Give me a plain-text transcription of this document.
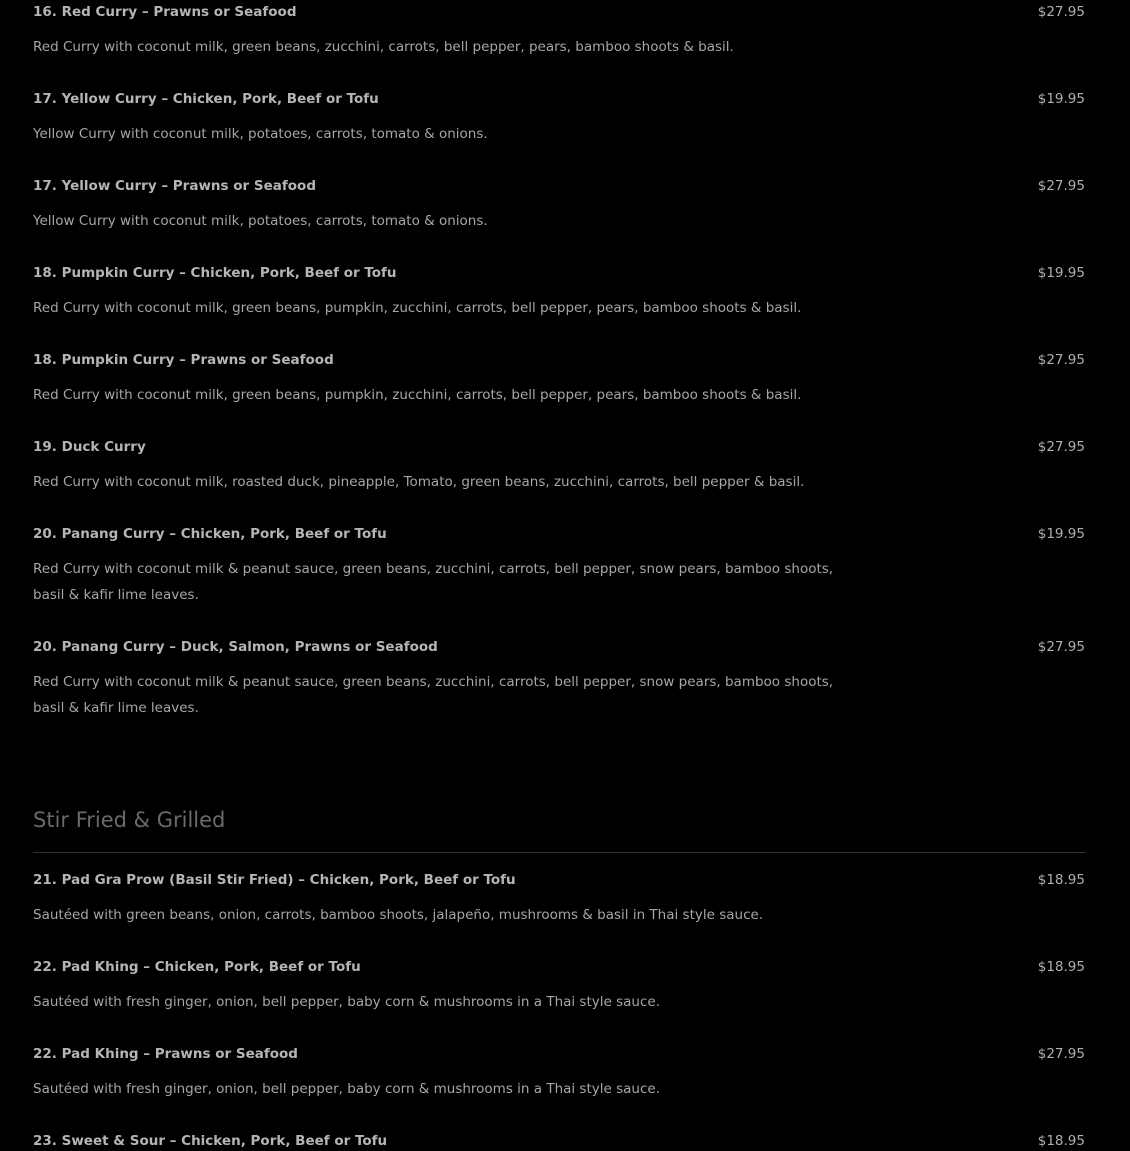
16. Red Curry – Prawns or Seafood	$27.95
Red Curry with coconut milk, green beans, zucchini, carrots, bell pepper, pears, bamboo shoots & basil.
17. Yellow Curry – Chicken, Pork, Beef or Tofu	$19.95
Yellow Curry with coconut milk, potatoes, carrots, tomato & onions.
17. Yellow Curry – Prawns or Seafood	$27.95
Yellow Curry with coconut milk, potatoes, carrots, tomato & onions.
18. Pumpkin Curry – Chicken, Pork, Beef or Tofu	$19.95
Red Curry with coconut milk, green beans, pumpkin, zucchini, carrots, bell pepper, pears, bamboo shoots & basil.
18. Pumpkin Curry – Prawns or Seafood	$27.95
Red Curry with coconut milk, green beans, pumpkin, zucchini, carrots, bell pepper, pears, bamboo shoots & basil.
19. Duck Curry	$27.95
Red Curry with coconut milk, roasted duck, pineapple, Tomato, green beans, zucchini, carrots, bell pepper & basil.
20. Panang Curry – Chicken, Pork, Beef or Tofu	$19.95
Red Curry with coconut milk & peanut sauce, green beans, zucchini, carrots, bell pepper, snow pears, bamboo shoots, basil & kafir lime leaves.
20. Panang Curry – Duck, Salmon, Prawns or Seafood	$27.95
Red Curry with coconut milk & peanut sauce, green beans, zucchini, carrots, bell pepper, snow pears, bamboo shoots, basil & kafir lime leaves.
Stir Fried & Grilled
21. Pad Gra Prow (Basil Stir Fried) – Chicken, Pork, Beef or Tofu	$18.95
Sautéed with green beans, onion, carrots, bamboo shoots, jalapeño, mushrooms & basil in Thai style sauce.
22. Pad Khing – Chicken, Pork, Beef or Tofu	$18.95
Sautéed with fresh ginger, onion, bell pepper, baby corn & mushrooms in a Thai style sauce.
22. Pad Khing – Prawns or Seafood	$27.95
Sautéed with fresh ginger, onion, bell pepper, baby corn & mushrooms in a Thai style sauce.
23. Sweet & Sour – Chicken, Pork, Beef or Tofu	$18.95
